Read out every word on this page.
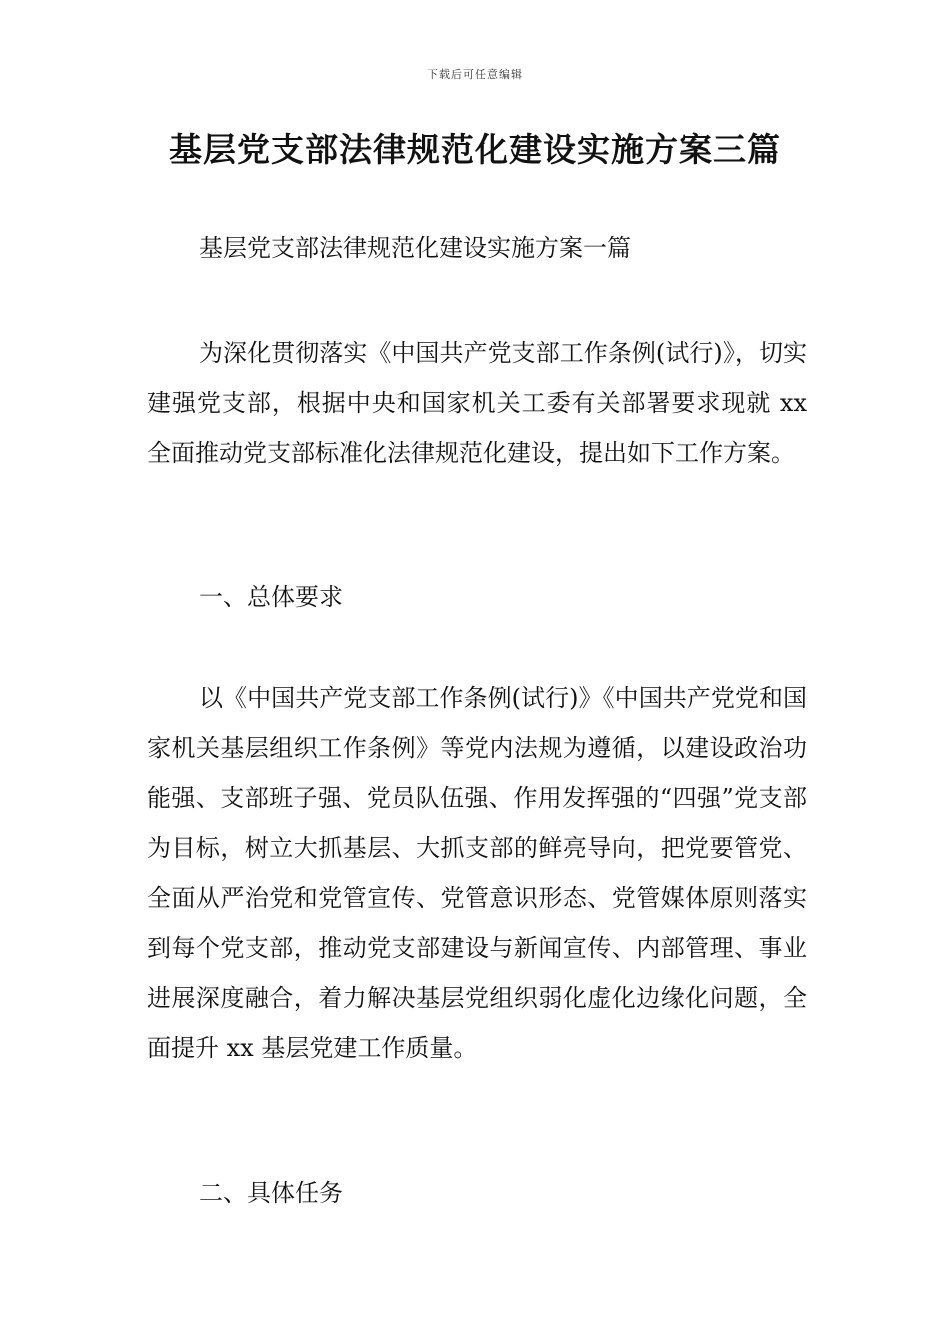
下载后可任意编辑
基层党支部法律规范化建设实施方案三篇

基层党支部法律规范化建设实施方案一篇

为深化贯彻落实《中国共产党支部工作条例(试行)》，切实建强党支部，根据中央和国家机关工委有关部署要求现就 xx 全面推动党支部标准化法律规范化建设，提出如下工作方案。

一、总体要求

以《中国共产党支部工作条例(试行)》《中国共产党党和国家机关基层组织工作条例》等党内法规为遵循，以建设政治功能强、支部班子强、党员队伍强、作用发挥强的“四强”党支部为目标，树立大抓基层、大抓支部的鲜亮导向，把党要管党、全面从严治党和党管宣传、党管意识形态、党管媒体原则落实到每个党支部，推动党支部建设与新闻宣传、内部管理、事业进展深度融合，着力解决基层党组织弱化虚化边缘化问题，全面提升 xx 基层党建工作质量。

二、具体任务
